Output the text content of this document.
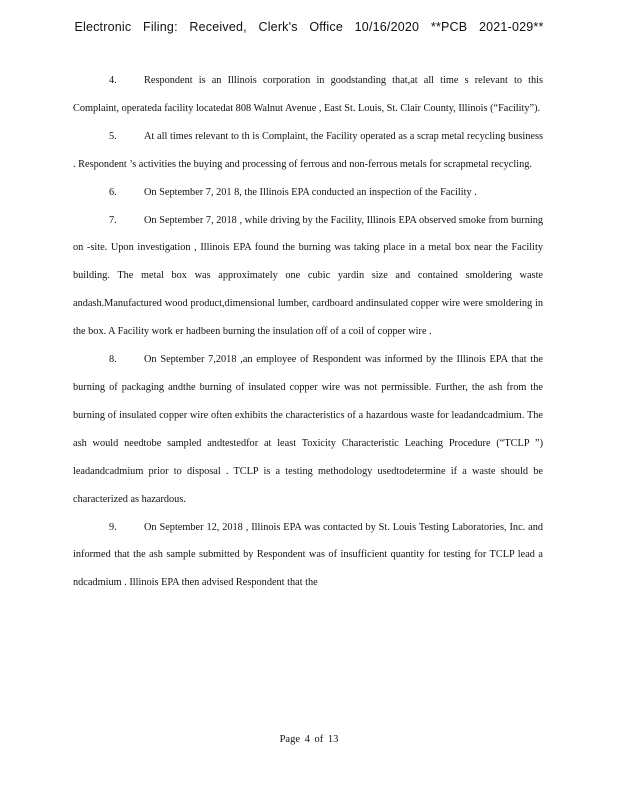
Electronic Filing: Received, Clerk's Office 10/16/2020 **PCB 2021-029**

4.	Respondent is an Illinois corporation in goodstanding that,at all time s relevant to this Complaint, operateda facility locatedat 808 Walnut Avenue , East St. Louis, St. Clair County, Illinois (“Facility”).

5.	At all times relevant to th is Complaint, the Facility operated as a scrap metal recycling business . Respondent ’s activities the buying and processing of ferrous and non-ferrous metals for scrapmetal recycling.

6.	On September 7, 201 8, the Illinois EPA conducted an inspection of the Facility .

7.	On September 7, 2018 , while driving by the Facility, Illinois EPA observed smoke from burning on -site. Upon investigation , Illinois EPA found the burning was taking place in a metal box near the Facility building. The metal box was approximately one cubic yardin size and contained smoldering waste andash.Manufactured wood product,dimensional lumber, cardboard andinsulated copper wire were smoldering in the box. A Facility work er hadbeen burning the insulation off of a coil of copper wire .

8.	On September 7,2018 ,an employee of Respondent was informed by the Illinois EPA that the burning of packaging andthe burning of insulated copper wire was not permissible. Further, the ash from the burning of insulated copper wire often exhibits the characteristics of a hazardous waste for leadandcadmium. The ash would needtobe sampled andtestedfor at least Toxicity Characteristic Leaching Procedure (“TCLP ”) leadandcadmium prior to disposal . TCLP is a testing methodology usedtodetermine if a waste should be characterized as hazardous.

9.	On September 12, 2018 , Illinois EPA was contacted by St. Louis Testing Laboratories, Inc. and informed that the ash sample submitted by Respondent was of insufficient quantity for testing for TCLP lead a ndcadmium . Illinois EPA then advised Respondent that the

Page 4 of 13
